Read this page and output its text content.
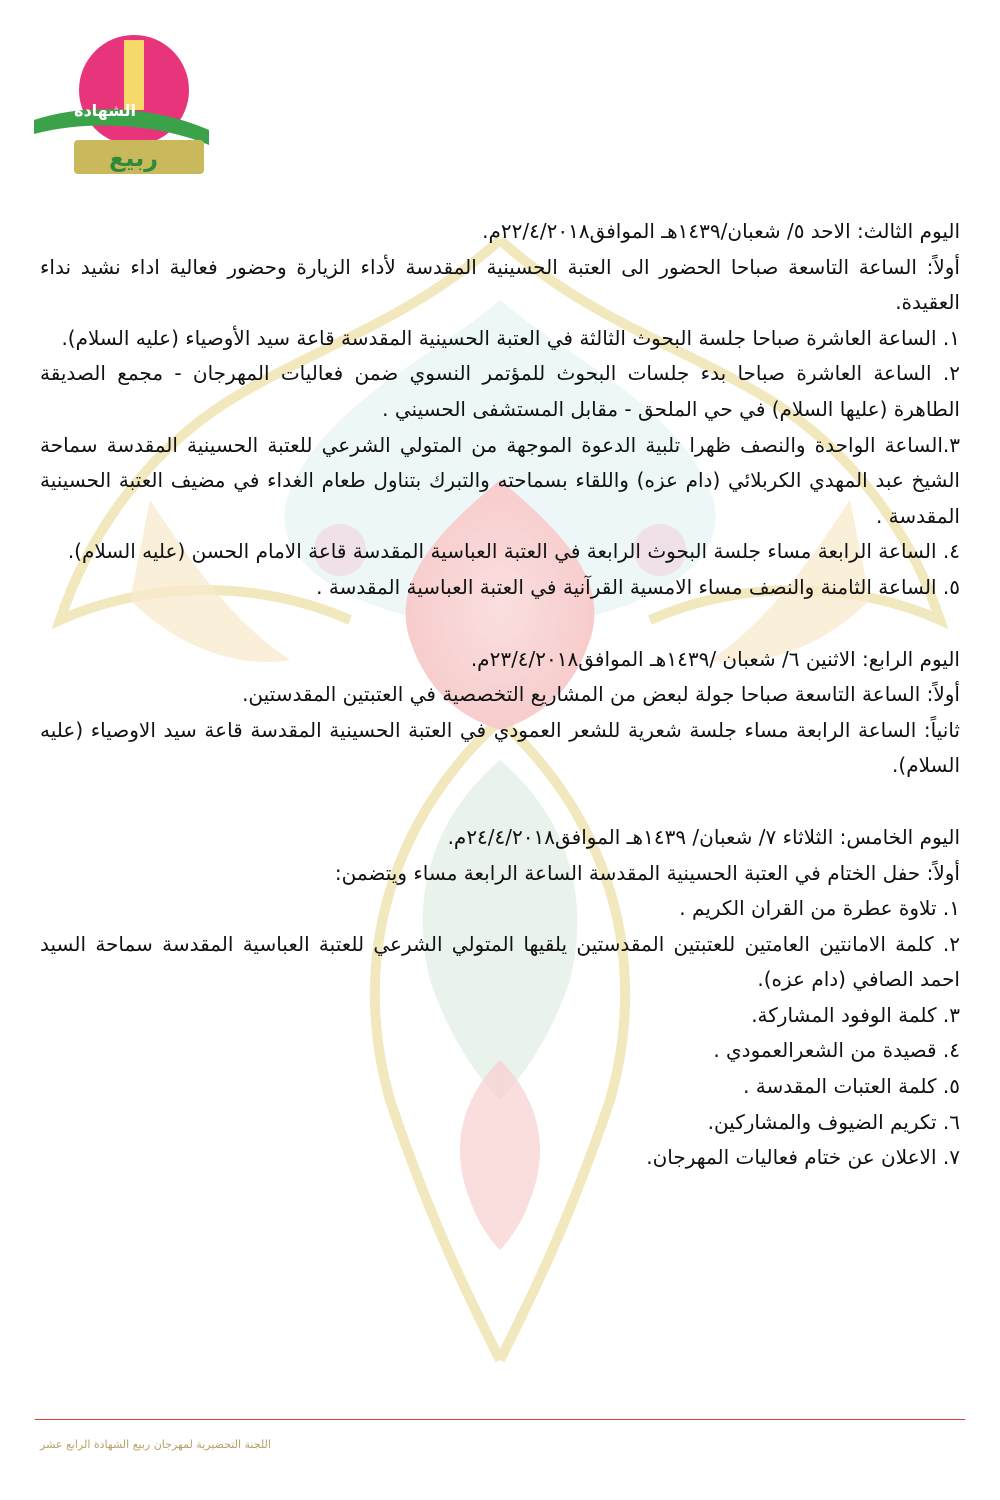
الشهادة
ربيع

اليوم الثالث: الاحد ٥/ شعبان/١٤٣٩هـ الموافق٢٢/٤/٢٠١٨م.

أولاً: الساعة التاسعة صباحا الحضور الى العتبة الحسينية المقدسة لأداء الزيارة وحضور فعالية اداء نشيد نداء العقيدة.

١. الساعة العاشرة صباحا جلسة البحوث الثالثة في العتبة الحسينية المقدسة قاعة سيد الأوصياء (عليه السلام).

٢. الساعة العاشرة صباحا بدء جلسات البحوث للمؤتمر النسوي ضمن فعاليات المهرجان - مجمع الصديقة الطاهرة (عليها السلام) في حي الملحق - مقابل المستشفى الحسيني .

٣.الساعة الواحدة والنصف ظهرا تلبية الدعوة الموجهة من المتولي الشرعي للعتبة الحسينية المقدسة سماحة الشيخ عبد المهدي الكربلائي (دام عزه) واللقاء بسماحته والتبرك بتناول طعام الغداء في مضيف العتبة الحسينية المقدسة .

٤. الساعة الرابعة مساء جلسة البحوث الرابعة في العتبة العباسية المقدسة قاعة الامام الحسن (عليه السلام).

٥. الساعة الثامنة والنصف مساء الامسية القرآنية في العتبة العباسية المقدسة .

اليوم الرابع: الاثنين ٦/ شعبان /١٤٣٩هـ الموافق٢٣/٤/٢٠١٨م.

أولاً: الساعة التاسعة صباحا جولة لبعض من المشاريع التخصصية في العتبتين المقدستين.

ثانياً: الساعة الرابعة مساء جلسة شعرية للشعر العمودي في العتبة الحسينية المقدسة قاعة سيد الاوصياء (عليه السلام).

اليوم الخامس: الثلاثاء ٧/ شعبان/ ١٤٣٩هـ الموافق٢٤/٤/٢٠١٨م.

أولاً: حفل الختام في العتبة الحسينية المقدسة الساعة الرابعة مساء ويتضمن:

١. تلاوة عطرة من القران الكريم .

٢. كلمة الامانتين العامتين للعتبتين المقدستين يلقيها المتولي الشرعي للعتبة العباسية المقدسة سماحة السيد احمد الصافي (دام عزه).

٣. كلمة الوفود المشاركة.

٤. قصيدة من الشعرالعمودي .

٥. كلمة العتبات المقدسة .

٦. تكريم الضيوف والمشاركين.

٧. الاعلان عن ختام فعاليات المهرجان.

اللجنة التحضيرية لمهرجان ربيع الشهادة الرابع عشر
